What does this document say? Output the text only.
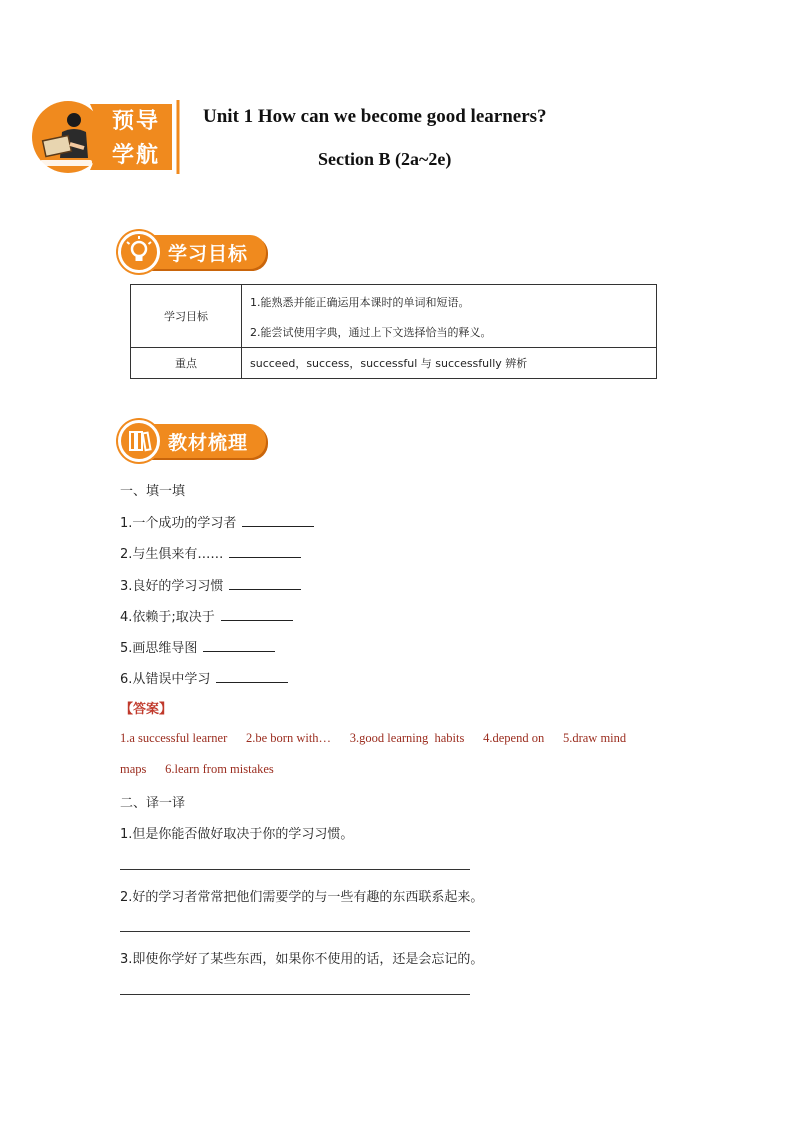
预导
学航
Unit 1 How can we become good learners?
Section B (2a~2e)
学习目标
学习目标	1.能熟悉并能正确运用本课时的单词和短语。
2.能尝试使用字典，通过上下文选择恰当的释义。

重点	succeed，success，successful 与 successfully 辨析
教材梳理
一、填一填
1.一个成功的学习者
2.与生俱来有……
3.良好的学习习惯
4.依赖于;取决于
5.画思维导图
6.从错误中学习
【答案】
1.a successful learner      2.be born with…      3.good learning  habits      4.depend on      5.draw mind
maps      6.learn from mistakes
二、译一译
1.但是你能否做好取决于你的学习习惯。
2.好的学习者常常把他们需要学的与一些有趣的东西联系起来。
3.即使你学好了某些东西，如果你不使用的话，还是会忘记的。
